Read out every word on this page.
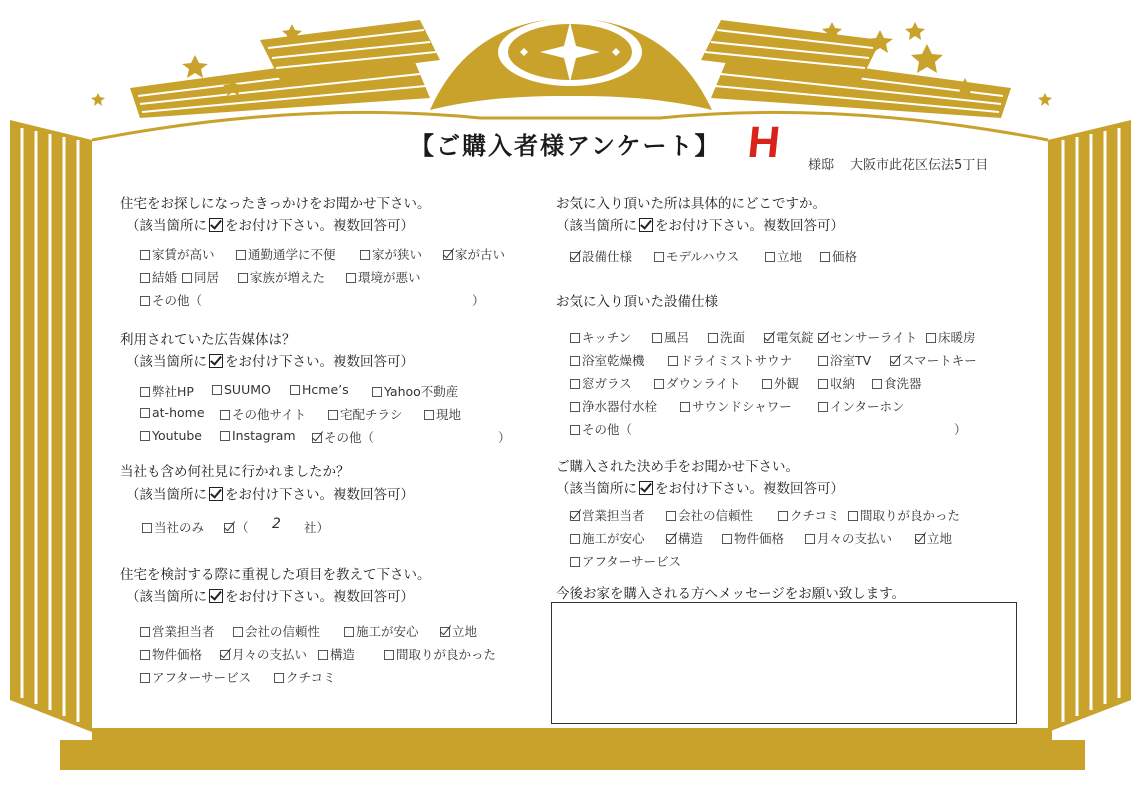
【ご購入者様アンケート】 H 様邸 大阪市此花区伝法5丁目
住宅をお探しになったきっかけをお聞かせ下さい。
（該当箇所に をお付け下さい。複数回答可）
家賃が高い	通勤通学に不便	家が狭い	家が古い
結婚	同居	家族が増えた	環境が悪い
その他（	）
利用されていた広告媒体は？
（該当箇所に をお付け下さい。複数回答可）
弊社HP	SUUMO	Hcme’s	Yahoo不動産
at-home	その他サイト	宅配チラシ	現地
Youtube	Instagram	その他（	）
当社も含め何社見に行かれましたか？
（該当箇所に をお付け下さい。複数回答可）
当社のみ	（ 2 社）
住宅を検討する際に重視した項目を教えて下さい。
（該当箇所に をお付け下さい。複数回答可）
営業担当者	会社の信頼性	施工が安心	立地
物件価格	月々の支払い	構造	間取りが良かった
アフターサービス	クチコミ
お気に入り頂いた所は具体的にどこですか。
（該当箇所に をお付け下さい。複数回答可）
設備仕様	モデルハウス	立地	価格
お気に入り頂いた設備仕様
キッチン	風呂	洗面	電気錠	センサーライト	床暖房
浴室乾燥機	ドライミストサウナ	浴室TV	スマートキー
窓ガラス	ダウンライト	外観	収納	食洗器
浄水器付水栓	サウンドシャワー	インターホン
その他（	）
ご購入された決め手をお聞かせ下さい。
（該当箇所に をお付け下さい。複数回答可）
営業担当者	会社の信頼性	クチコミ	間取りが良かった
施工が安心	構造	物件価格	月々の支払い	立地
アフターサービス
今後お家を購入される方へメッセージをお願い致します。
